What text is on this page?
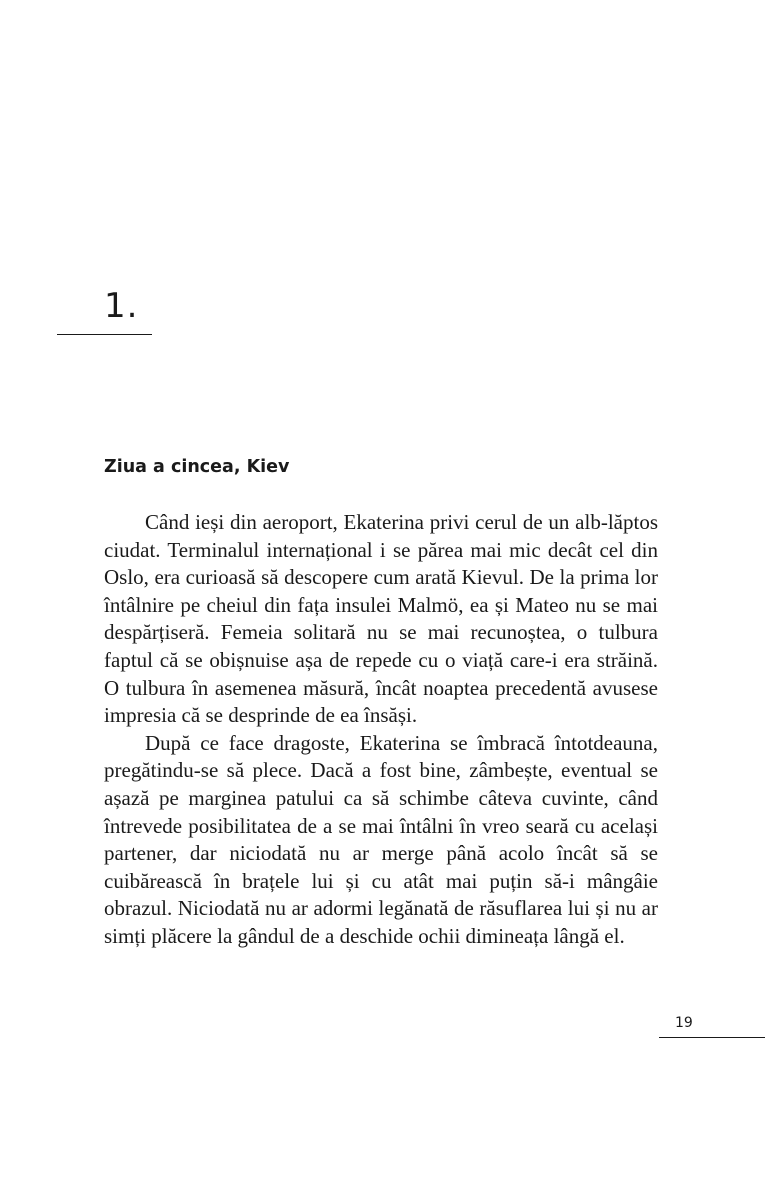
1.
Ziua a cincea, Kiev

Când ieși din aeroport, Ekaterina privi cerul de un alb-lăptos ciudat. Terminalul internațional i se părea mai mic decât cel din Oslo, era curioasă să descopere cum arată Kievul. De la prima lor întâlnire pe cheiul din fața insulei Malmö, ea și Mateo nu se mai despărțiseră. Femeia solitară nu se mai recunoștea, o tulbura faptul că se obișnuise așa de repede cu o viață care-i era străină. O tulbura în asemenea măsură, încât noaptea precedentă avusese impresia că se desprinde de ea însăși.

După ce face dragoste, Ekaterina se îmbracă întotdeauna, pregătindu-se să plece. Dacă a fost bine, zâmbește, eventual se așază pe marginea patului ca să schimbe câteva cuvinte, când întrevede posibilitatea de a se mai întâlni în vreo seară cu același partener, dar niciodată nu ar merge până acolo încât să se cuibărească în brațele lui și cu atât mai puțin să-i mângâie obrazul. Niciodată nu ar adormi legănată de răsuflarea lui și nu ar simți plăcere la gândul de a deschide ochii dimineața lângă el.

19
